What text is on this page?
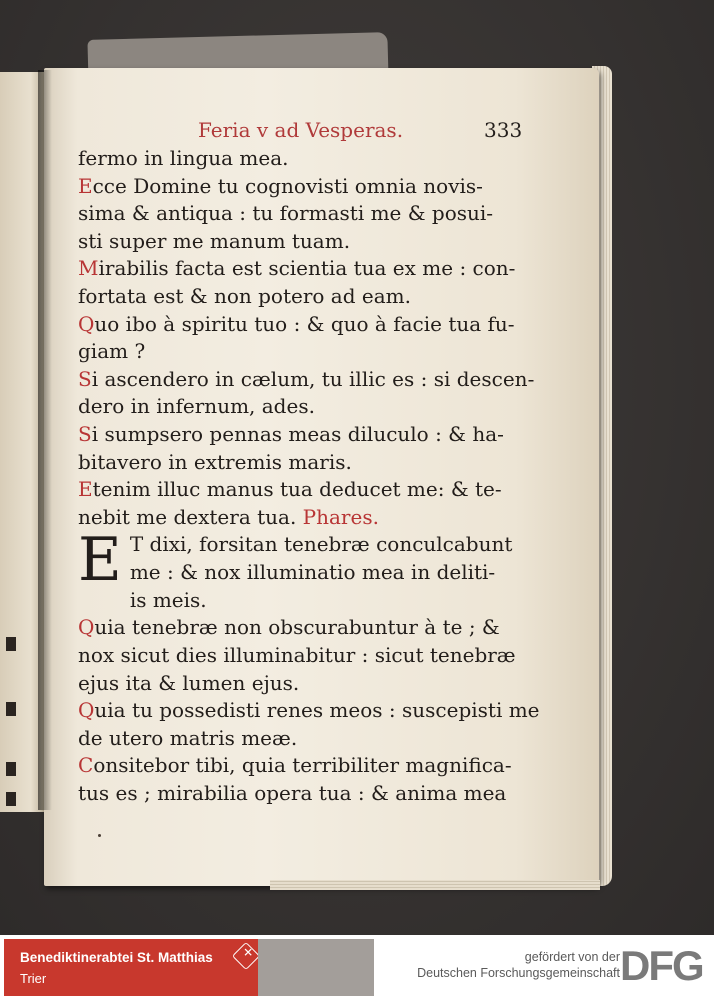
Feria v ad Vesperas.	333
fermo in lingua mea.
Ecce Domine tu cognovisti omnia novis-
sima & antiqua : tu formasti me & posui-
sti super me manum tuam.
Mirabilis facta est scientia tua ex me : con-
fortata est & non potero ad eam.
Quo ibo à spiritu tuo : & quo à facie tua fu-
giam ?
Si ascendero in cælum, tu illic es : si descen-
dero in infernum, ades.
Si sumpsero pennas meas diluculo : & ha-
bitavero in extremis maris.
Etenim illuc manus tua deducet me: & te-
nebit me dextera tua. Phares.
E T dixi, forsitan tenebræ conculcabunt
me : & nox illuminatio mea in deliti-
is meis.
Quia tenebræ non obscurabuntur à te ; &
nox sicut dies illuminabitur : sicut tenebræ
ejus ita & lumen ejus.
Quia tu possedisti renes meos : suscepisti me
de utero matris meæ.
Consitebor tibi, quia terribiliter magnifica-
tus es ; mirabilia opera tua : & anima mea
Benediktinerabtei St. Matthias
Trier
✕	gefördert von der
Deutschen Forschungsgemeinschaft DFG
